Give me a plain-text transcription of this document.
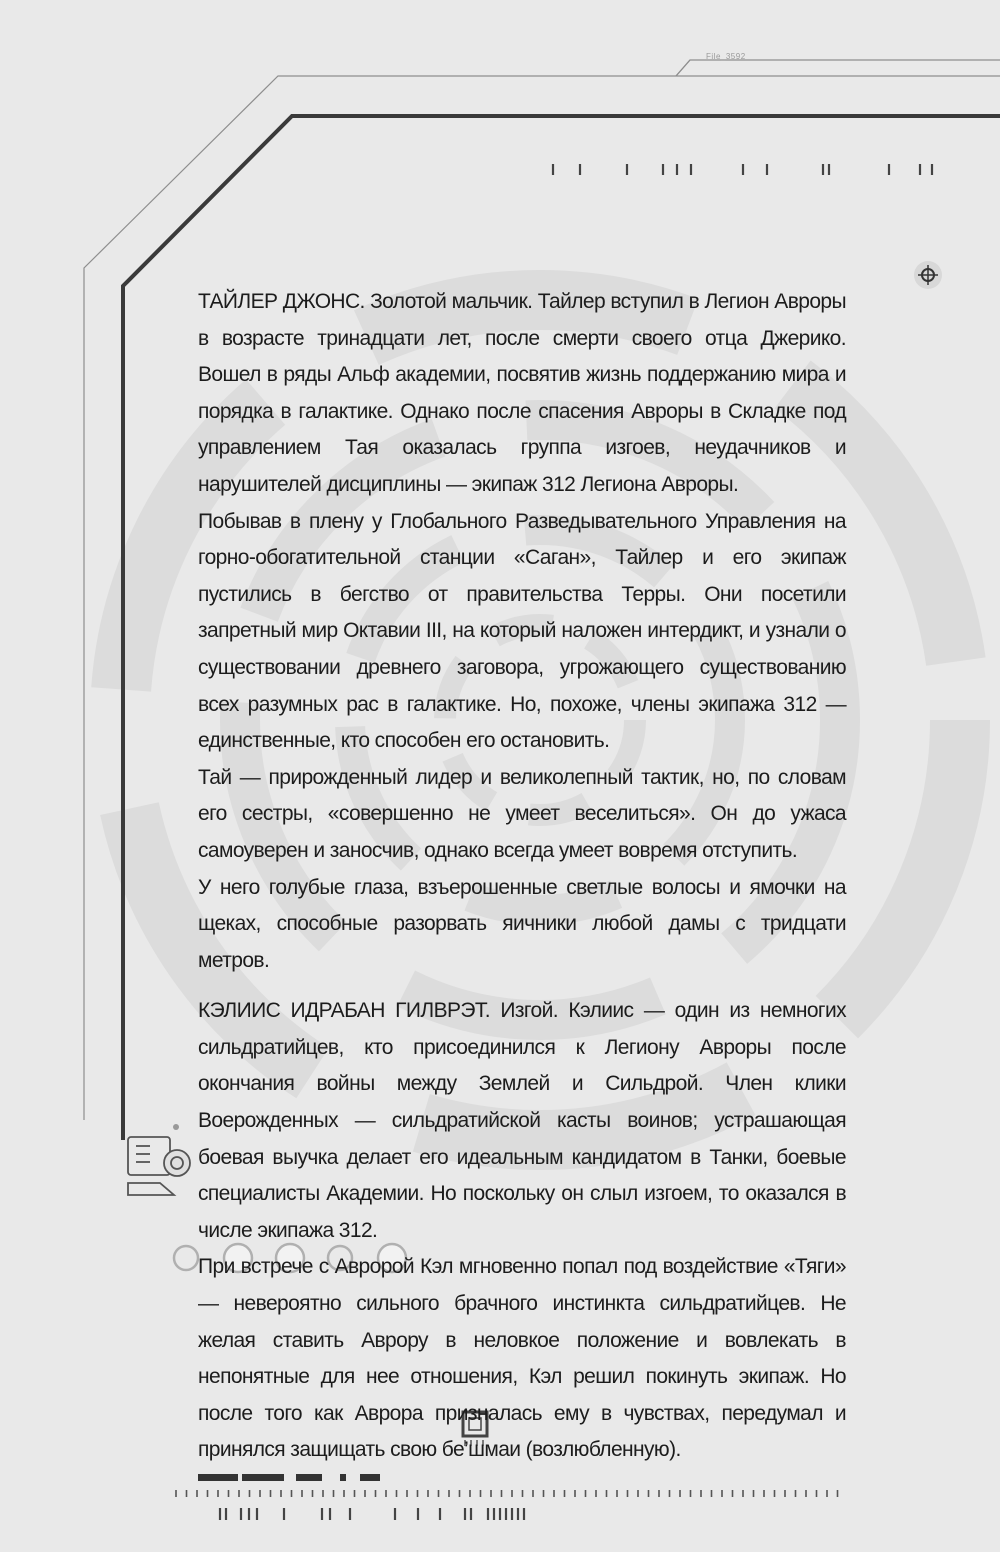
File_3592

ТАЙЛЕР ДЖОНС. Золотой мальчик. Тайлер вступил в Легион Авроры в возрасте тринадцати лет, после смерти своего отца Джерико. Вошел в ряды Альф академии, посвятив жизнь поддержанию мира и порядка в галактике. Однако после спасения Авроры в Складке под управлением Тая оказалась группа изгоев, неудачников и нарушителей дисциплины — экипаж 312 Легиона Авроры.

Побывав в плену у Глобального Разведывательного Управления на горно-обогатительной станции «Саган», Тайлер и его экипаж пустились в бегство от правительства Терры. Они посетили запретный мир Октавии III, на который наложен интердикт, и узнали о существовании древнего заговора, угрожающего существованию всех разумных рас в галактике. Но, похоже, члены экипажа 312 — единственные, кто способен его остановить.

Тай — прирожденный лидер и великолепный тактик, но, по словам его сестры, «совершенно не умеет веселиться». Он до ужаса самоуверен и заносчив, однако всегда умеет вовремя отступить.

У него голубые глаза, взъерошенные светлые волосы и ямочки на щеках, способные разорвать яичники любой дамы с тридцати метров.

КЭЛИИС ИДРАБАН ГИЛВРЭТ. Изгой. Кэлиис — один из немногих сильдратийцев, кто присоединился к Легиону Авроры после окончания войны между Землей и Сильдрой. Член клики Воерожденных — сильдратийской касты воинов; устрашающая боевая выучка делает его идеальным кандидатом в Танки, боевые специалисты Академии. Но поскольку он слыл изгоем, то оказался в числе экипажа 312.

При встрече с Авророй Кэл мгновенно попал под воздействие «Тяги» — невероятно сильного брачного инстинкта сильдратийцев. Не желая ставить Аврору в неловкое положение и вовлекать в непонятные для нее отношения, Кэл решил покинуть экипаж. Но после того как Аврора призналась ему в чувствах, передумал и принялся защищать свою бе’шмаи (возлюбленную).
